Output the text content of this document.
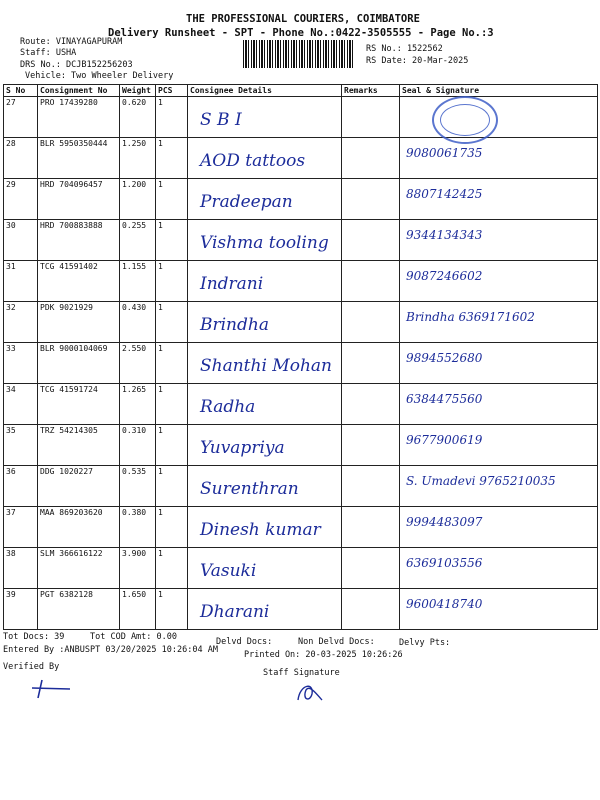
THE PROFESSIONAL COURIERS, COIMBATORE
Delivery Runsheet - SPT - Phone No.:0422-3505555 - Page No.:3
Route: VINAYAGAPURAM
Staff: USHA
DRS No.: DCJB152256203
Vehicle: Two Wheeler Delivery
RS No.: 1522562
RS Date: 20-Mar-2025
S No	Consignment No	Weight	PCS	Consignee Details	Remarks	Seal & Signature
27	PRO 17439280	0.620	1	S B I		

28	BLR 5950350444	1.250	1	AOD tattoos		9080061735

29	HRD 704096457	1.200	1	Pradeepan		8807142425

30	HRD 700883888	0.255	1	Vishma tooling		9344134343

31	TCG 41591402	1.155	1	Indrani		9087246602

32	PDK 9021929	0.430	1	Brindha		Brindha 6369171602

33	BLR 9000104069	2.550	1	Shanthi Mohan		9894552680

34	TCG 41591724	1.265	1	Radha		6384475560

35	TRZ 54214305	0.310	1	Yuvapriya		9677900619

36	DDG 1020227	0.535	1	Surenthran		S. Umadevi 9765210035

37	MAA 869203620	0.380	1	Dinesh kumar		9994483097

38	SLM 366616122	3.900	1	Vasuki		6369103556

39	PGT 6382128	1.650	1	Dharani		9600418740
Tot Docs: 39	Tot COD Amt: 0.00	Delvd Docs:	Non Delvd Docs:	Delvy Pts:
Entered By :ANBUSPT 03/20/2025 10:26:04 AM	Printed On: 20-03-2025 10:26:26
Verified By
Staff Signature
